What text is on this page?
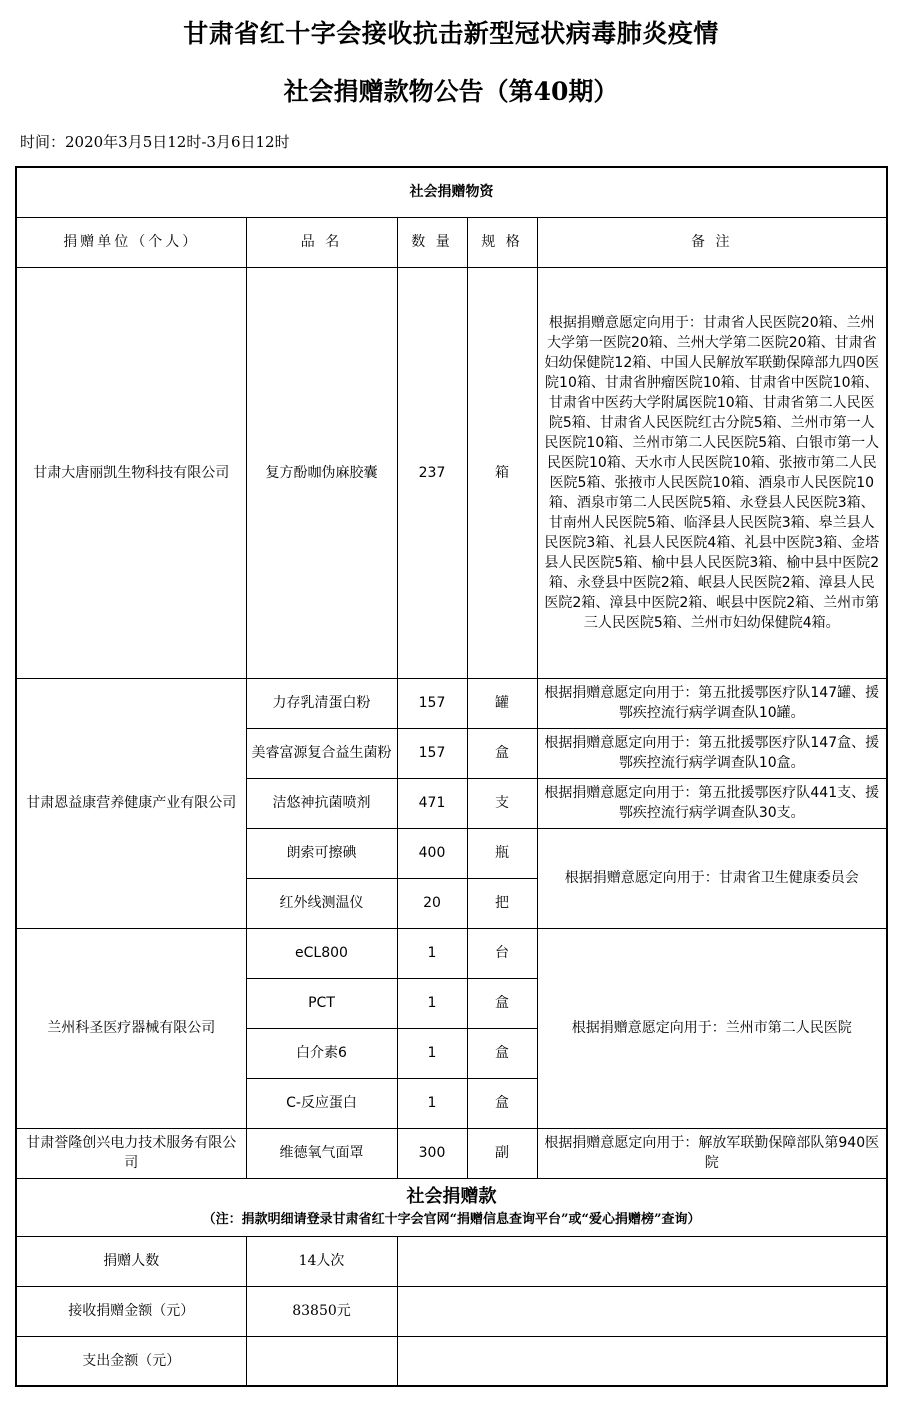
甘肃省红十字会接收抗击新型冠状病毒肺炎疫情
社会捐赠款物公告（第40期）
时间：2020年3月5日12时-3月6日12时
社会捐赠物资				
捐赠单位（个人）	品 名	数 量	规 格	备 注
甘肃大唐丽凯生物科技有限公司	复方酚咖伪麻胶囊	237	箱	根据捐赠意愿定向用于：甘肃省人民医院20箱、兰州大学第一医院20箱、兰州大学第二医院20箱、甘肃省妇幼保健院12箱、中国人民解放军联勤保障部九四0医院10箱、甘肃省肿瘤医院10箱、甘肃省中医院10箱、甘肃省中医药大学附属医院10箱、甘肃省第二人民医院5箱、甘肃省人民医院红古分院5箱、兰州市第一人民医院10箱、兰州市第二人民医院5箱、白银市第一人民医院10箱、天水市人民医院10箱、张掖市第二人民医院5箱、张掖市人民医院10箱、酒泉市人民医院10箱、酒泉市第二人民医院5箱、永登县人民医院3箱、甘南州人民医院5箱、临泽县人民医院3箱、皋兰县人民医院3箱、礼县人民医院4箱、礼县中医院3箱、金塔县人民医院5箱、榆中县人民医院3箱、榆中县中医院2箱、永登县中医院2箱、岷县人民医院2箱、漳县人民医院2箱、漳县中医院2箱、岷县中医院2箱、兰州市第三人民医院5箱、兰州市妇幼保健院4箱。
甘肃恩益康营养健康产业有限公司	力存乳清蛋白粉	157	罐	根据捐赠意愿定向用于：第五批援鄂医疗队147罐、援鄂疾控流行病学调查队10罐。
	美睿富源复合益生菌粉	157	盒	根据捐赠意愿定向用于：第五批援鄂医疗队147盒、援鄂疾控流行病学调查队10盒。
	洁悠神抗菌喷剂	471	支	根据捐赠意愿定向用于：第五批援鄂医疗队441支、援鄂疾控流行病学调查队30支。
	朗索可擦碘	400	瓶	根据捐赠意愿定向用于：甘肃省卫生健康委员会
	红外线测温仪	20	把	
兰州科圣医疗器械有限公司	eCL800	1	台	根据捐赠意愿定向用于：兰州市第二人民医院
	PCT	1	盒	
	白介素6	1	盒	
	C-反应蛋白	1	盒	
甘肃誉隆创兴电力技术服务有限公司	维德氧气面罩	300	副	根据捐赠意愿定向用于：解放军联勤保障部队第940医院

社会捐赠款
（注：捐款明细请登录甘肃省红十字会官网“捐赠信息查询平台”或“爱心捐赠榜”查询）				

捐赠人数	14人次			
接收捐赠金额（元）	83850元			
支出金额（元）				
